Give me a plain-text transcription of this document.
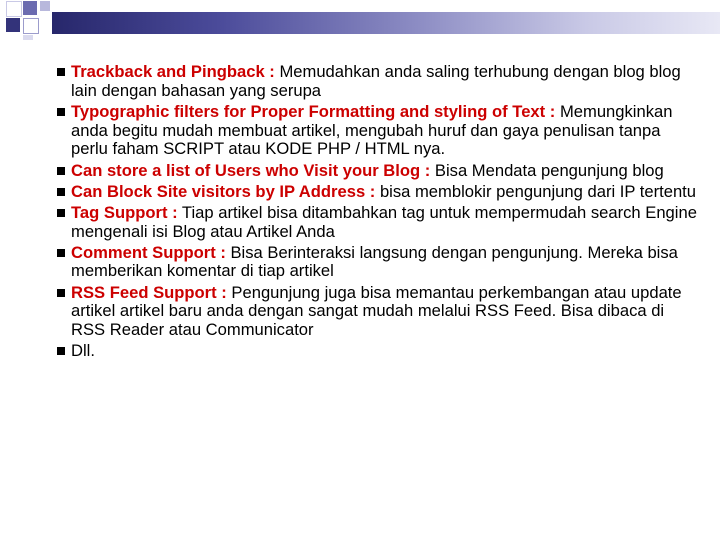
Trackback and Pingback : Memudahkan anda saling terhubung dengan blog blog lain dengan bahasan yang serupa
Typographic filters for Proper Formatting and styling of Text : Memungkinkan anda begitu mudah membuat artikel, mengubah huruf dan gaya penulisan tanpa perlu faham SCRIPT atau KODE PHP / HTML nya.
Can store a list of Users who Visit your Blog : Bisa Mendata pengunjung blog
Can Block Site visitors by IP Address : bisa memblokir pengunjung dari IP tertentu
Tag Support : Tiap artikel bisa ditambahkan tag untuk mempermudah search Engine mengenali isi Blog atau Artikel Anda
Comment Support : Bisa Berinteraksi langsung dengan pengunjung. Mereka bisa memberikan komentar di tiap artikel
RSS Feed Support : Pengunjung juga bisa memantau perkembangan atau update artikel artikel baru anda dengan sangat mudah melalui RSS Feed. Bisa dibaca di RSS Reader atau Communicator
Dll.
